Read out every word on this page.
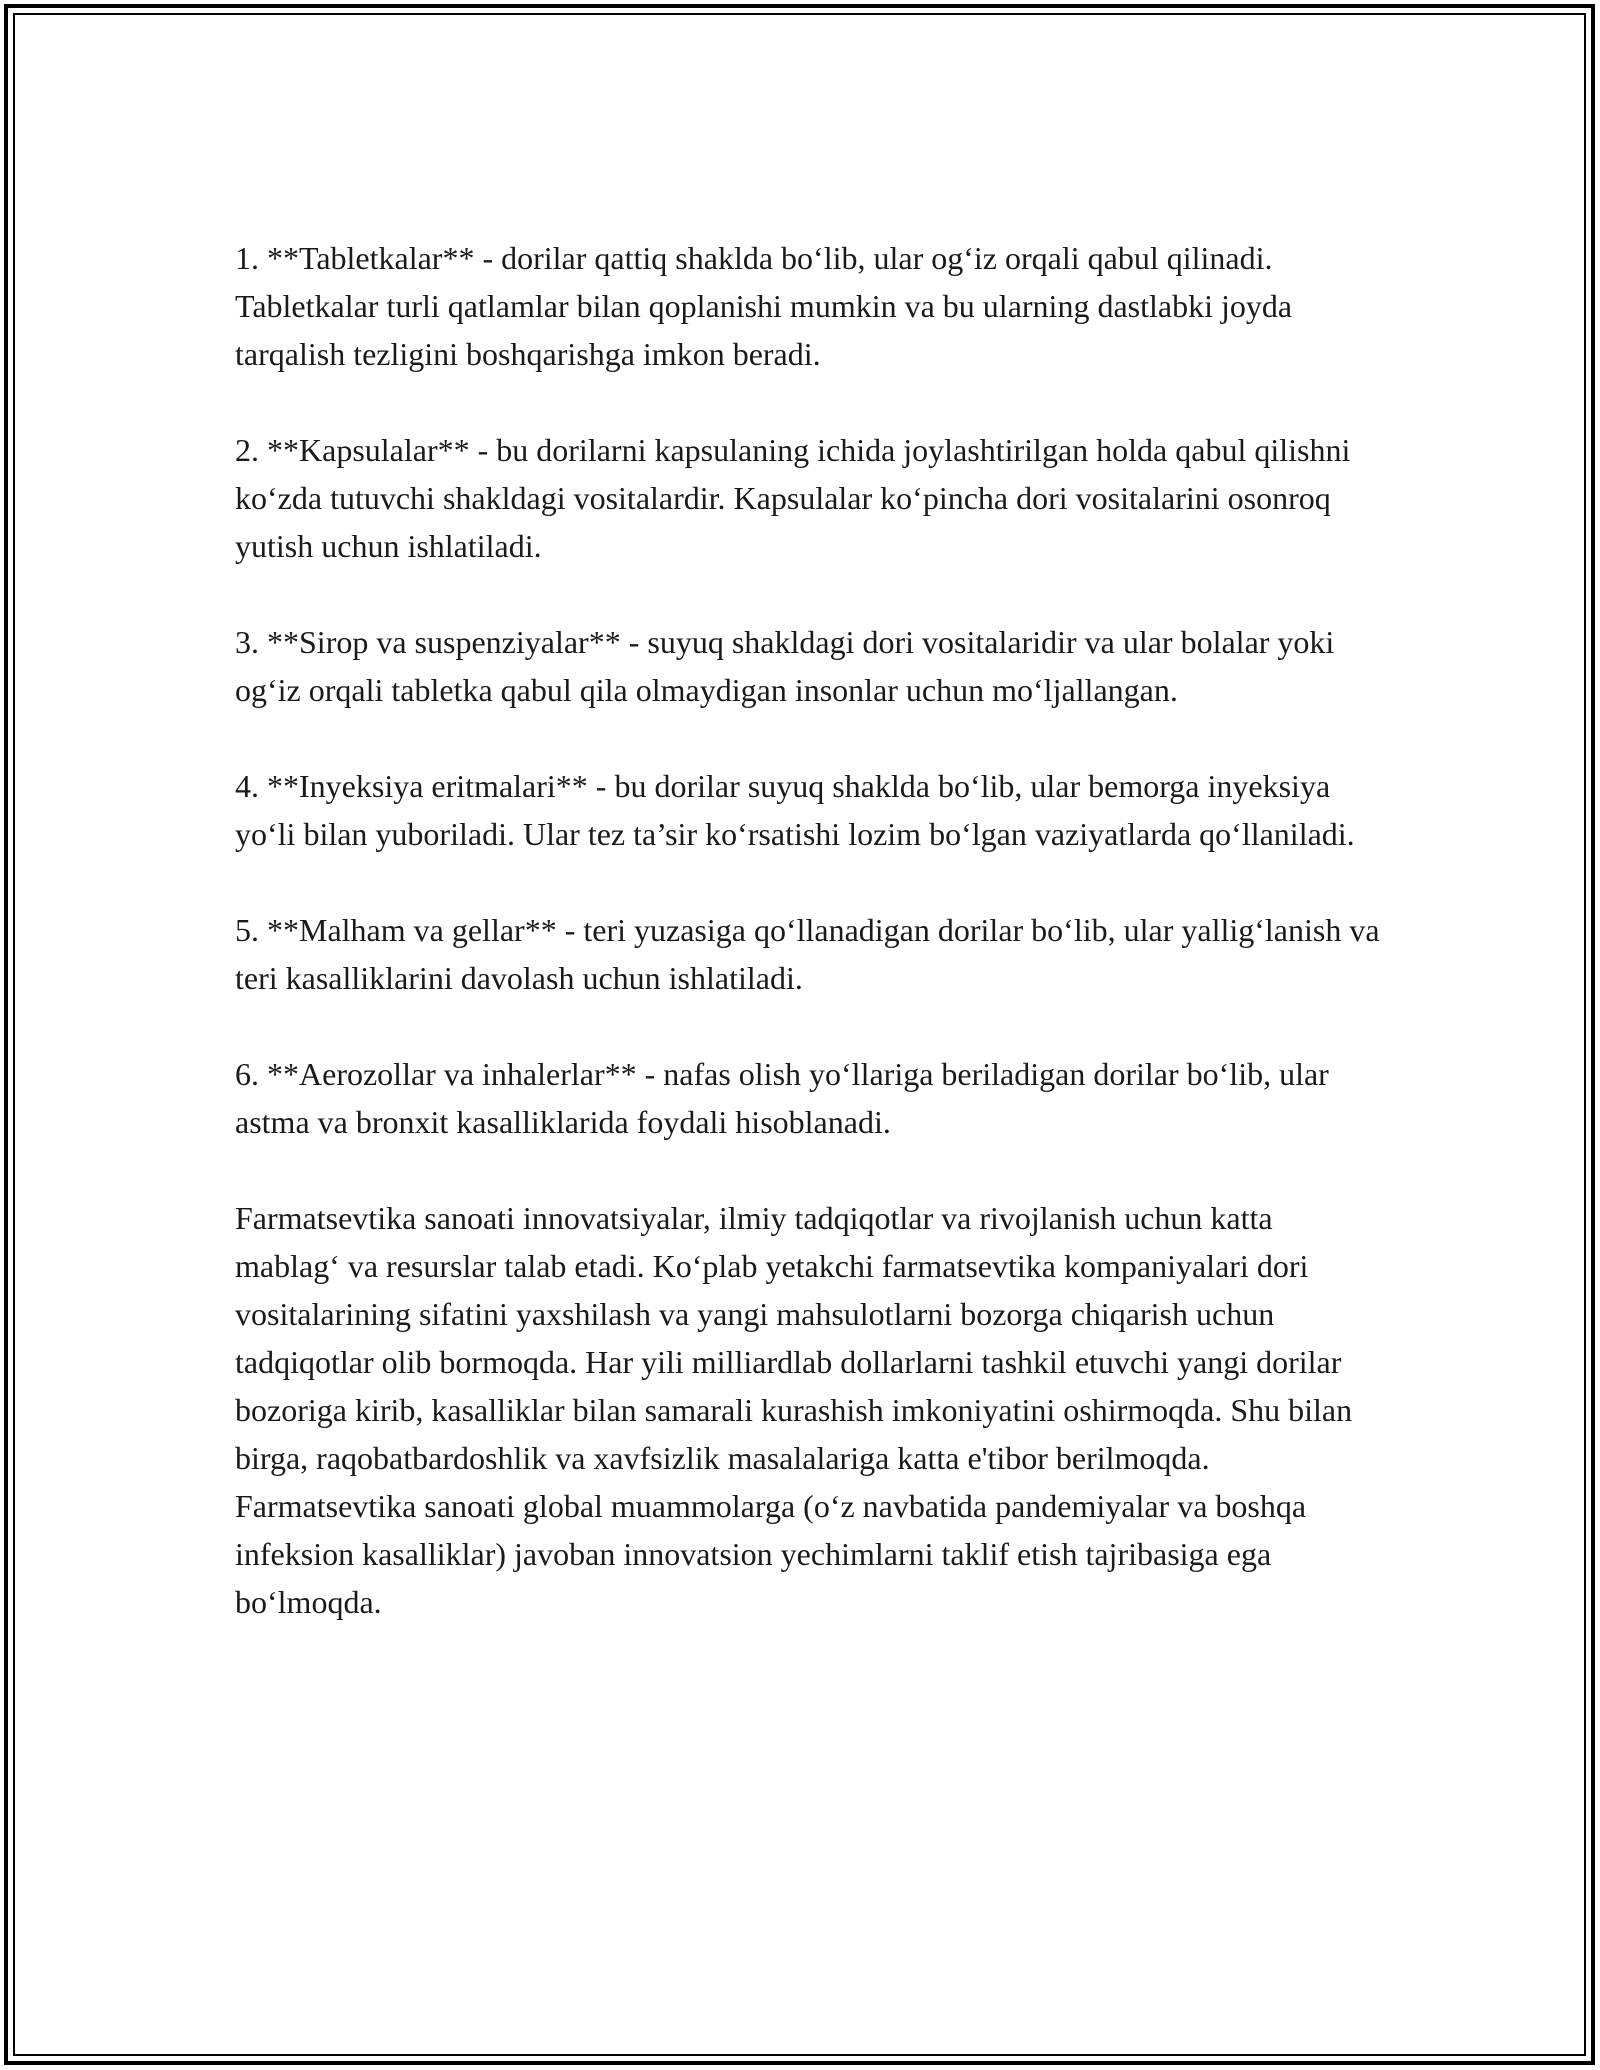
1. **Tabletkalar** - dorilar qattiq shaklda bo‘lib, ular og‘iz orqali qabul qilinadi. Tabletkalar turli qatlamlar bilan qoplanishi mumkin va bu ularning dastlabki joyda tarqalish tezligini boshqarishga imkon beradi.

2. **Kapsulalar** - bu dorilarni kapsulaning ichida joylashtirilgan holda qabul qilishni ko‘zda tutuvchi shakldagi vositalardir. Kapsulalar ko‘pincha dori vositalarini osonroq yutish uchun ishlatiladi.

3. **Sirop va suspenziyalar** - suyuq shakldagi dori vositalaridir va ular bolalar yoki og‘iz orqali tabletka qabul qila olmaydigan insonlar uchun mo‘ljallangan.

4. **Inyeksiya eritmalari** - bu dorilar suyuq shaklda bo‘lib, ular bemorga inyeksiya yo‘li bilan yuboriladi. Ular tez ta’sir ko‘rsatishi lozim bo‘lgan vaziyatlarda qo‘llaniladi.

5. **Malham va gellar** - teri yuzasiga qo‘llanadigan dorilar bo‘lib, ular yallig‘lanish va teri kasalliklarini davolash uchun ishlatiladi.

6. **Aerozollar va inhalerlar** - nafas olish yo‘llariga beriladigan dorilar bo‘lib, ular astma va bronxit kasalliklarida foydali hisoblanadi.

Farmatsevtika sanoati innovatsiyalar, ilmiy tadqiqotlar va rivojlanish uchun katta mablag‘ va resurslar talab etadi. Ko‘plab yetakchi farmatsevtika kompaniyalari dori vositalarining sifatini yaxshilash va yangi mahsulotlarni bozorga chiqarish uchun tadqiqotlar olib bormoqda. Har yili milliardlab dollarlarni tashkil etuvchi yangi dorilar bozoriga kirib, kasalliklar bilan samarali kurashish imkoniyatini oshirmoqda. Shu bilan birga, raqobatbardoshlik va xavfsizlik masalalariga katta e'tibor berilmoqda. Farmatsevtika sanoati global muammolarga (o‘z navbatida pandemiyalar va boshqa infeksion kasalliklar) javoban innovatsion yechimlarni taklif etish tajribasiga ega bo‘lmoqda.
